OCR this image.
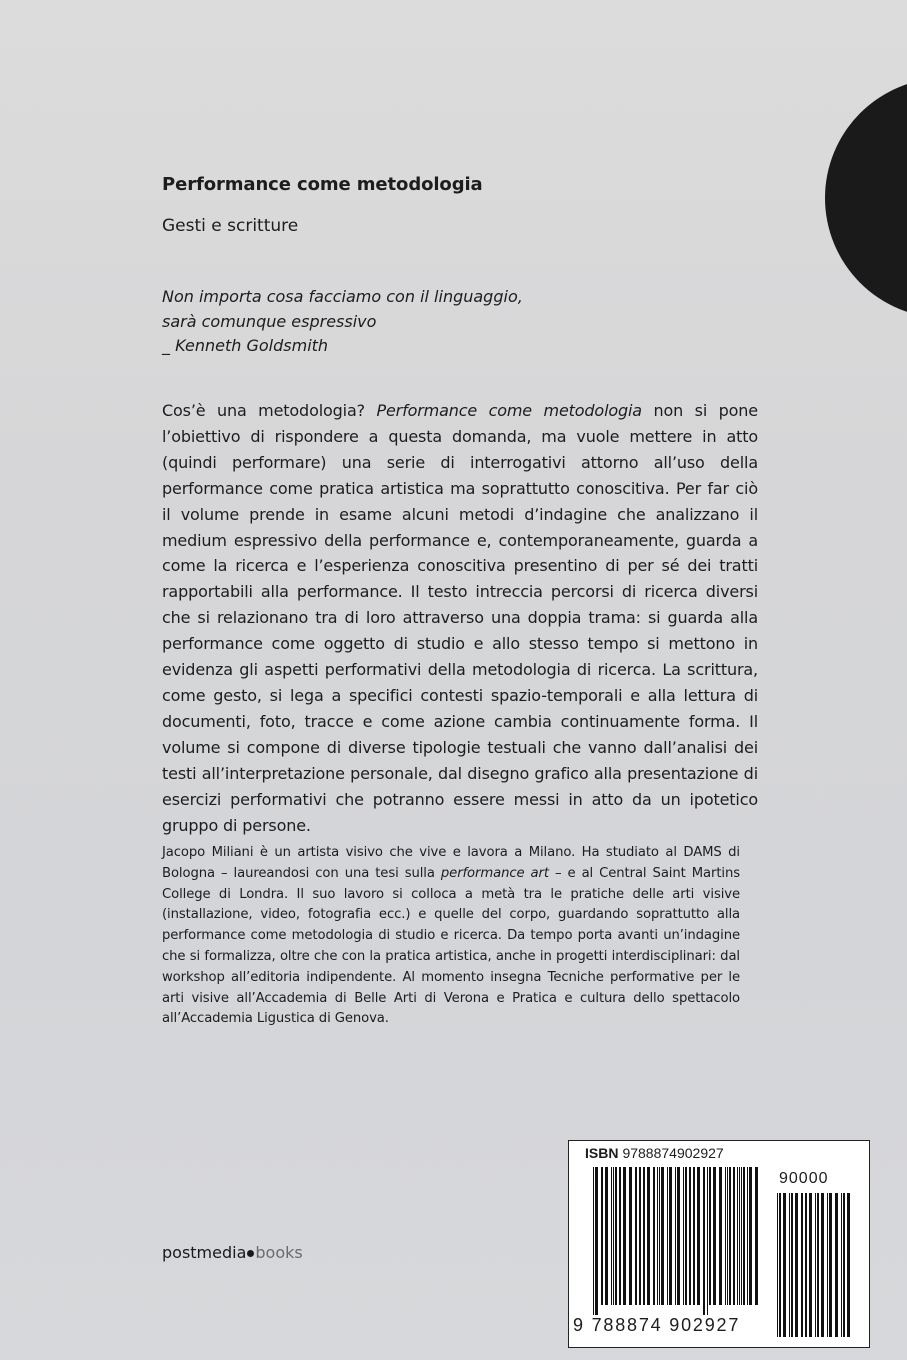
Performance come metodologia
Gesti e scritture
Non importa cosa facciamo con il linguaggio,
sarà comunque espressivo
_ Kenneth Goldsmith

Cos’è una metodologia? Performance come metodologia non si pone l’obiettivo di rispondere a questa domanda, ma vuole mettere in atto (quindi performare) una serie di interrogativi attorno all’uso della performance come pratica artistica ma soprattutto conoscitiva. Per far ciò il volume prende in esame alcuni metodi d’indagine che analizzano il medium espressivo della performance e, contemporaneamente, guarda a come la ricerca e l’esperienza conoscitiva presentino di per sé dei tratti rapportabili alla performance. Il testo intreccia percorsi di ricerca diversi che si relazionano tra di loro attraverso una doppia trama: si guarda alla performance come oggetto di studio e allo stesso tempo si mettono in evidenza gli aspetti performativi della metodologia di ricerca. La scrittura, come gesto, si lega a specifici contesti spazio-temporali e alla lettura di documenti, foto, tracce e come azione cambia continuamente forma. Il volume si compone di diverse tipologie testuali che vanno dall’analisi dei testi all’interpretazione personale, dal disegno grafico alla presentazione di esercizi performativi che potranno essere messi in atto da un ipotetico gruppo di persone.

Jacopo Miliani è un artista visivo che vive e lavora a Milano. Ha studiato al DAMS di Bologna – laureandosi con una tesi sulla performance art – e al Central Saint Martins College di Londra. Il suo lavoro si colloca a metà tra le pratiche delle arti visive (installazione, video, fotografia ecc.) e quelle del corpo, guardando soprattutto alla performance come metodologia di studio e ricerca. Da tempo porta avanti un’indagine che si formalizza, oltre che con la pratica artistica, anche in progetti interdisciplinari: dal workshop all’editoria indipendente. Al momento insegna Tecniche performative per le arti visive all’Accademia di Belle Arti di Verona e Pratica e cultura dello spettacolo all’Accademia Ligustica di Genova.

postmedia books
ISBN 9788874902927
90000
9 788874 902927
